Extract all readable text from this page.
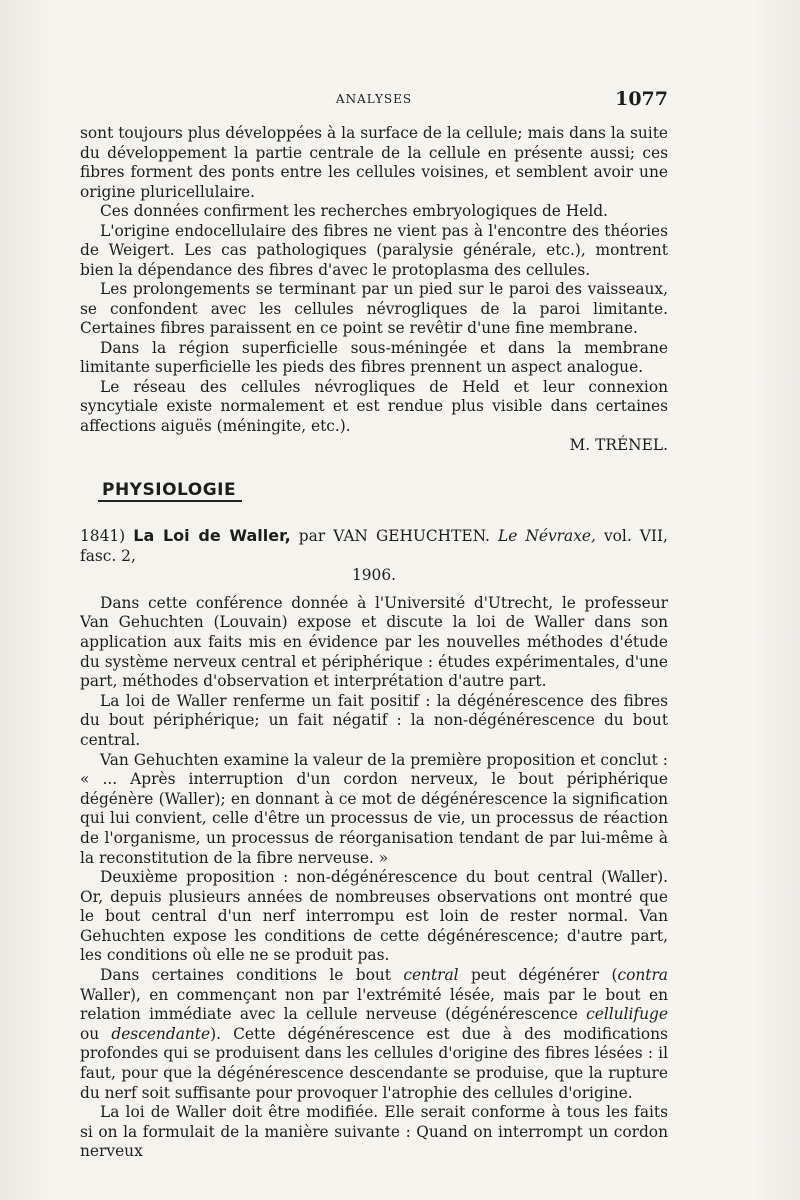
ANALYSES	1077

sont toujours plus développées à la surface de la cellule; mais dans la suite du développement la partie centrale de la cellule en présente aussi; ces fibres forment des ponts entre les cellules voisines, et semblent avoir une origine pluricellulaire.

Ces données confirment les recherches embryologiques de Held.

L'origine endocellulaire des fibres ne vient pas à l'encontre des théories de Weigert. Les cas pathologiques (paralysie générale, etc.), montrent bien la dépendance des fibres d'avec le protoplasma des cellules.

Les prolongements se terminant par un pied sur le paroi des vaisseaux, se confondent avec les cellules névrogliques de la paroi limitante. Certaines fibres paraissent en ce point se revêtir d'une fine membrane.

Dans la région superficielle sous-méningée et dans la membrane limitante superficielle les pieds des fibres prennent un aspect analogue.

Le réseau des cellules névrogliques de Held et leur connexion syncytiale existe normalement et est rendue plus visible dans certaines affections aiguës (méningite, etc.).

M. TRÉNEL.

PHYSIOLOGIE

1841) La Loi de Waller, par VAN GEHUCHTEN. Le Névraxe, vol. VII, fasc. 2,
1906.

Dans cette conférence donnée à l'Université d'Utrecht, le professeur Van Gehuchten (Louvain) expose et discute la loi de Waller dans son application aux faits mis en évidence par les nouvelles méthodes d'étude du système nerveux central et périphérique : études expérimentales, d'une part, méthodes d'observation et interprétation d'autre part.

La loi de Waller renferme un fait positif : la dégénérescence des fibres du bout périphérique; un fait négatif : la non-dégénérescence du bout central.

Van Gehuchten examine la valeur de la première proposition et conclut : « ... Après interruption d'un cordon nerveux, le bout périphérique dégénère (Waller); en donnant à ce mot de dégénérescence la signification qui lui convient, celle d'être un processus de vie, un processus de réaction de l'organisme, un processus de réorganisation tendant de par lui-même à la reconstitution de la fibre nerveuse. »

Deuxième proposition : non-dégénérescence du bout central (Waller). Or, depuis plusieurs années de nombreuses observations ont montré que le bout central d'un nerf interrompu est loin de rester normal. Van Gehuchten expose les conditions de cette dégénérescence; d'autre part, les conditions où elle ne se produit pas.

Dans certaines conditions le bout central peut dégénérer (contra Waller), en commençant non par l'extrémité lésée, mais par le bout en relation immédiate avec la cellule nerveuse (dégénérescence cellulifuge ou descendante). Cette dégénérescence est due à des modifications profondes qui se produisent dans les cellules d'origine des fibres lésées : il faut, pour que la dégénérescence descendante se produise, que la rupture du nerf soit suffisante pour provoquer l'atrophie des cellules d'origine.

La loi de Waller doit être modifiée. Elle serait conforme à tous les faits si on la formulait de la manière suivante : Quand on interrompt un cordon nerveux
